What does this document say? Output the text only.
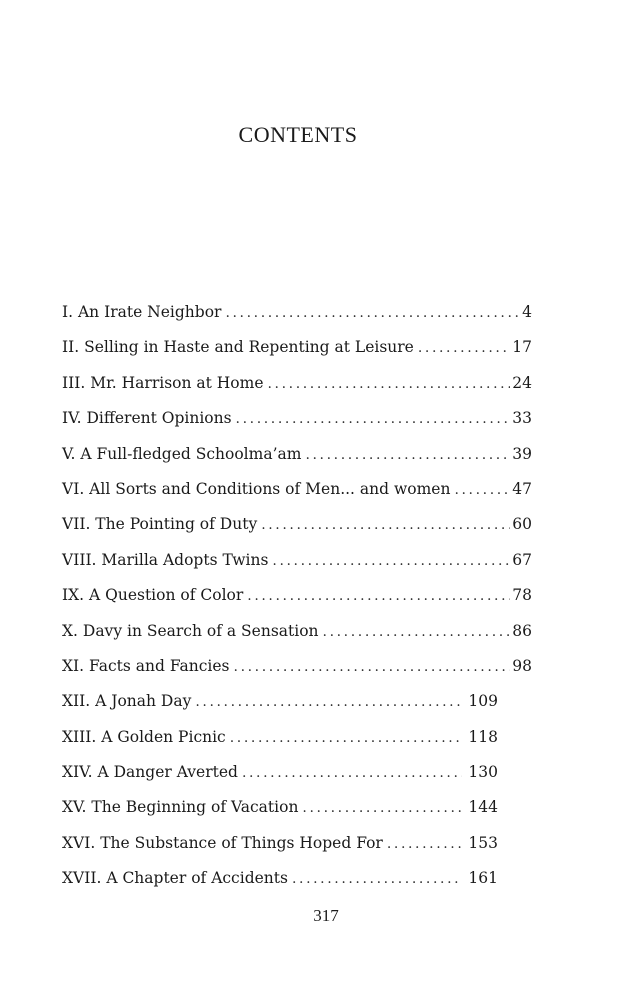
CONTENTS
I. An Irate Neighbor .....	4
II. Selling in Haste and Repenting at Leisure .....	17
III. Mr. Harrison at Home .....	24
IV. Different Opinions .....	33
V. A Full-fledged Schoolma’am .....	39
VI. All Sorts and Conditions of Men... and women .....	47
VII. The Pointing of Duty .....	60
VIII. Marilla Adopts Twins .....	67
IX. A Question of Color .....	78
X. Davy in Search of a Sensation .....	86
XI. Facts and Fancies .....	98
XII. A Jonah Day .....	109
XIII. A Golden Picnic .....	118
XIV. A Danger Averted .....	130
XV. The Beginning of Vacation .....	144
XVI. The Substance of Things Hoped For .....	153
XVII. A Chapter of Accidents .....	161
317
